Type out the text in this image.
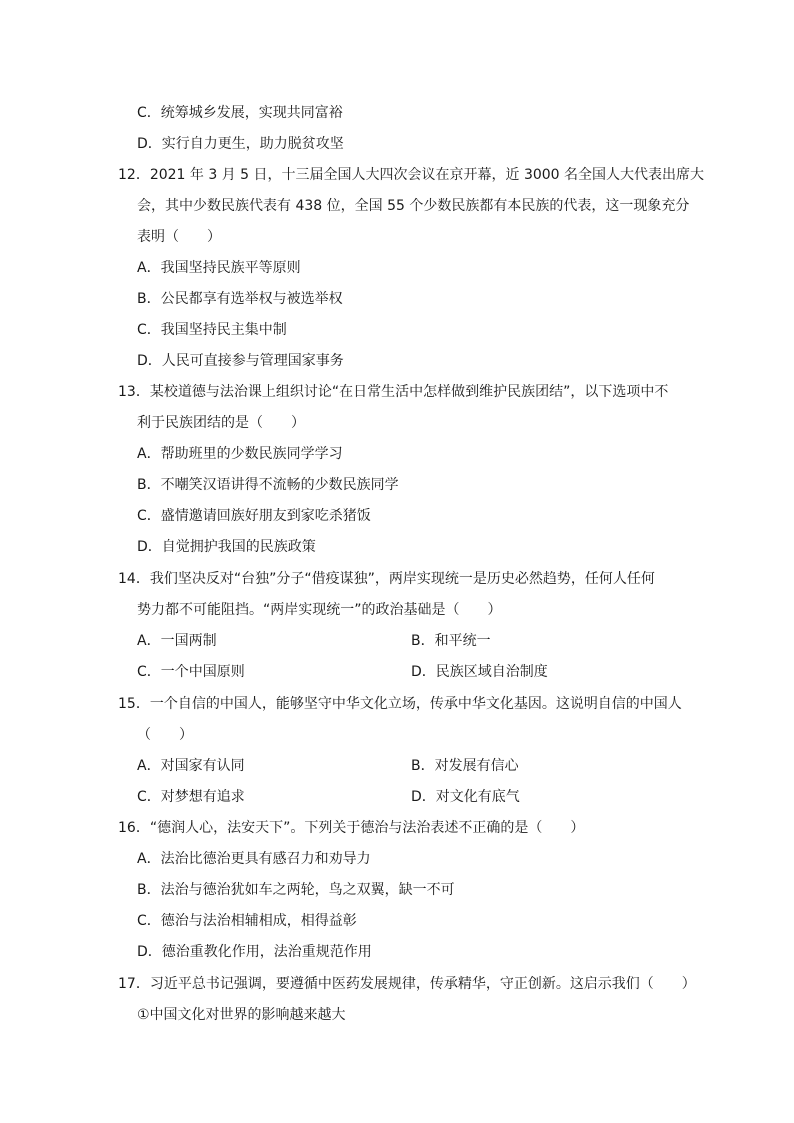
C．统筹城乡发展，实现共同富裕
D．实行自力更生，助力脱贫攻坚
12．2021 年 3 月 5 日，十三届全国人大四次会议在京开幕，近 3000 名全国人大代表出席大
会，其中少数民族代表有 438 位，全国 55 个少数民族都有本民族的代表，这一现象充分
表明（　　）
A．我国坚持民族平等原则
B．公民都享有选举权与被选举权
C．我国坚持民主集中制
D．人民可直接参与管理国家事务
13．某校道德与法治课上组织讨论“在日常生活中怎样做到维护民族团结”，以下选项中不
利于民族团结的是（　　）
A．帮助班里的少数民族同学学习
B．不嘲笑汉语讲得不流畅的少数民族同学
C．盛情邀请回族好朋友到家吃杀猪饭
D．自觉拥护我国的民族政策
14．我们坚决反对“台独”分子“借疫谋独”，两岸实现统一是历史必然趋势，任何人任何
势力都不可能阻挡。“两岸实现统一”的政治基础是（　　）
A．一国两制	B．和平统一
C．一个中国原则	D．民族区域自治制度
15．一个自信的中国人，能够坚守中华文化立场，传承中华文化基因。这说明自信的中国人
（　　）
A．对国家有认同	B．对发展有信心
C．对梦想有追求	D．对文化有底气
16．“德润人心，法安天下”。下列关于德治与法治表述不正确的是（　　）
A．法治比德治更具有感召力和劝导力
B．法治与德治犹如车之两轮，鸟之双翼，缺一不可
C．德治与法治相辅相成，相得益彰
D．德治重教化作用，法治重规范作用
17．习近平总书记强调，要遵循中医药发展规律，传承精华，守正创新。这启示我们（　　）
①中国文化对世界的影响越来越大
